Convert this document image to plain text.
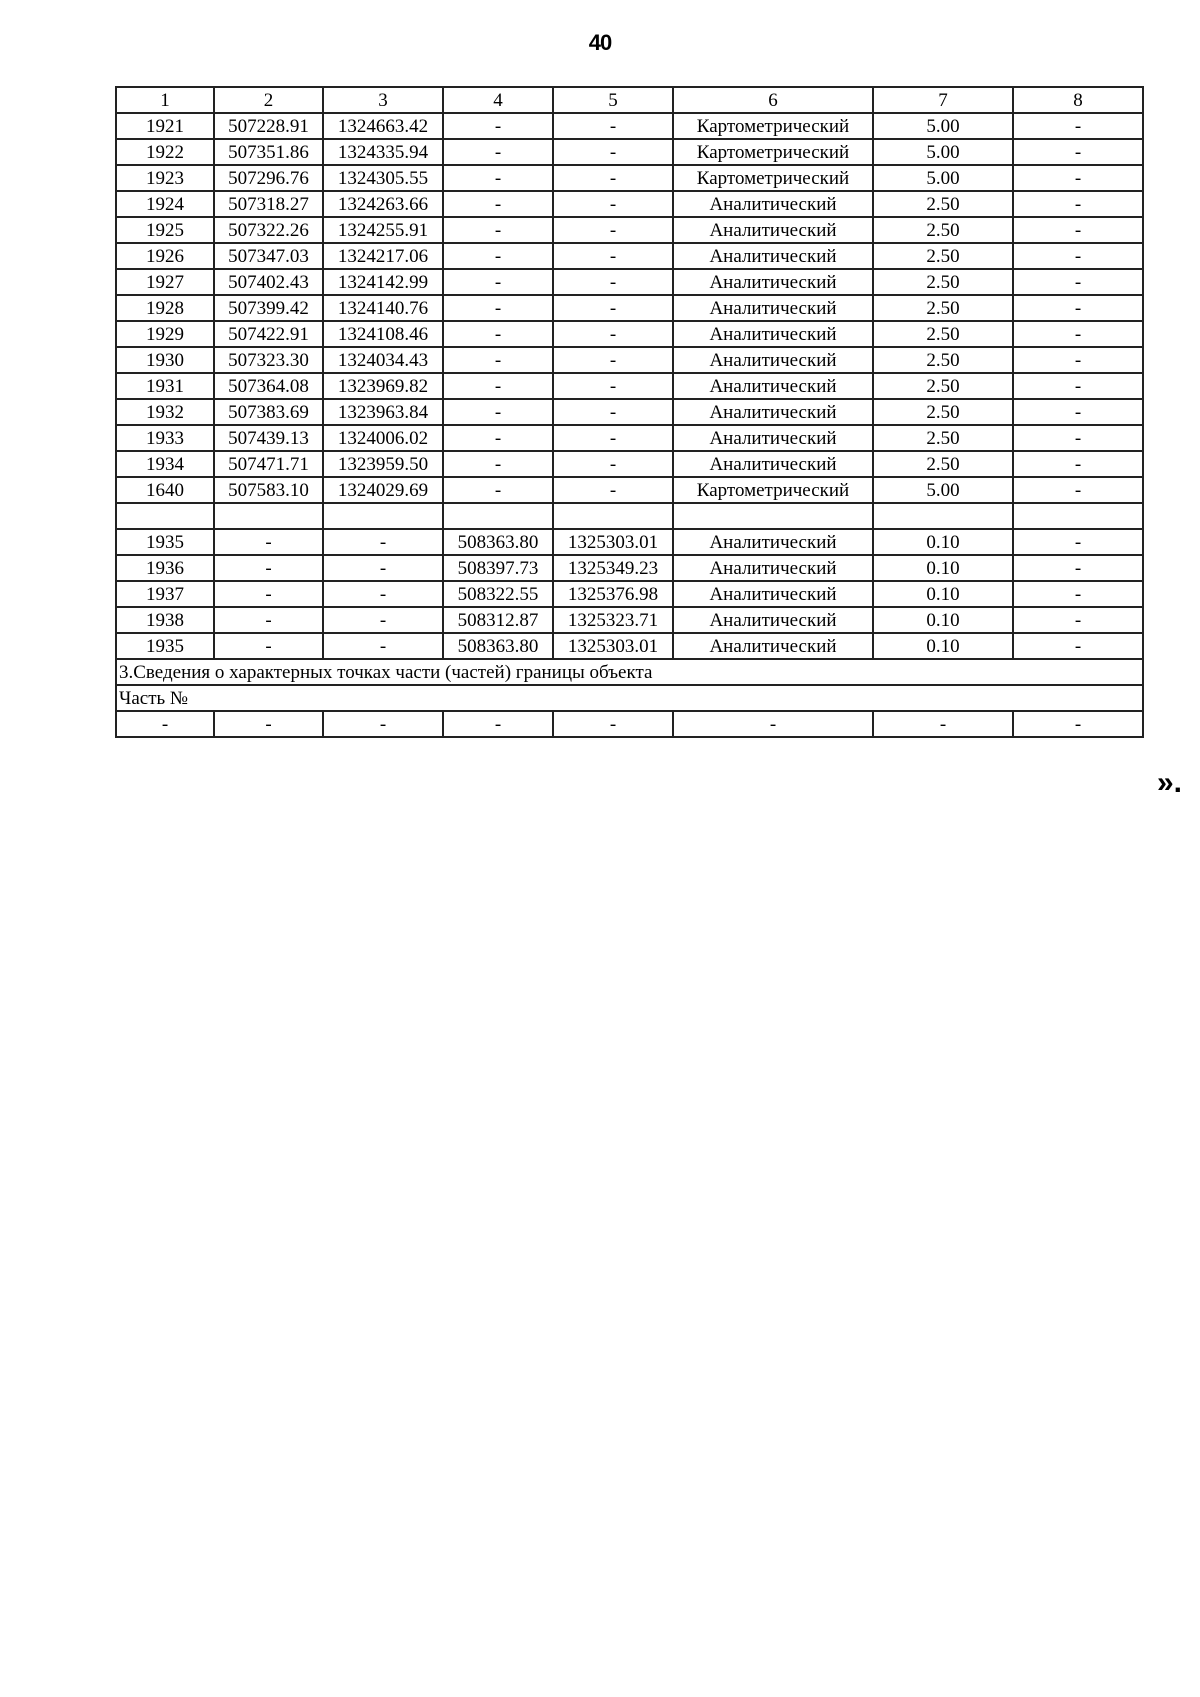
40
1	2	3	4	5	6	7	8
1921	507228.91	1324663.42	-	-	Картометрический	5.00	-
1922	507351.86	1324335.94	-	-	Картометрический	5.00	-
1923	507296.76	1324305.55	-	-	Картометрический	5.00	-
1924	507318.27	1324263.66	-	-	Аналитический	2.50	-
1925	507322.26	1324255.91	-	-	Аналитический	2.50	-
1926	507347.03	1324217.06	-	-	Аналитический	2.50	-
1927	507402.43	1324142.99	-	-	Аналитический	2.50	-
1928	507399.42	1324140.76	-	-	Аналитический	2.50	-
1929	507422.91	1324108.46	-	-	Аналитический	2.50	-
1930	507323.30	1324034.43	-	-	Аналитический	2.50	-
1931	507364.08	1323969.82	-	-	Аналитический	2.50	-
1932	507383.69	1323963.84	-	-	Аналитический	2.50	-
1933	507439.13	1324006.02	-	-	Аналитический	2.50	-
1934	507471.71	1323959.50	-	-	Аналитический	2.50	-
1640	507583.10	1324029.69	-	-	Картометрический	5.00	-

1935	-	-	508363.80	1325303.01	Аналитический	0.10	-
1936	-	-	508397.73	1325349.23	Аналитический	0.10	-
1937	-	-	508322.55	1325376.98	Аналитический	0.10	-
1938	-	-	508312.87	1325323.71	Аналитический	0.10	-
1935	-	-	508363.80	1325303.01	Аналитический	0.10	-
3.Сведения о характерных точках части (частей) границы объекта							
Часть №							
-	-	-	-	-	-	-	-
».
